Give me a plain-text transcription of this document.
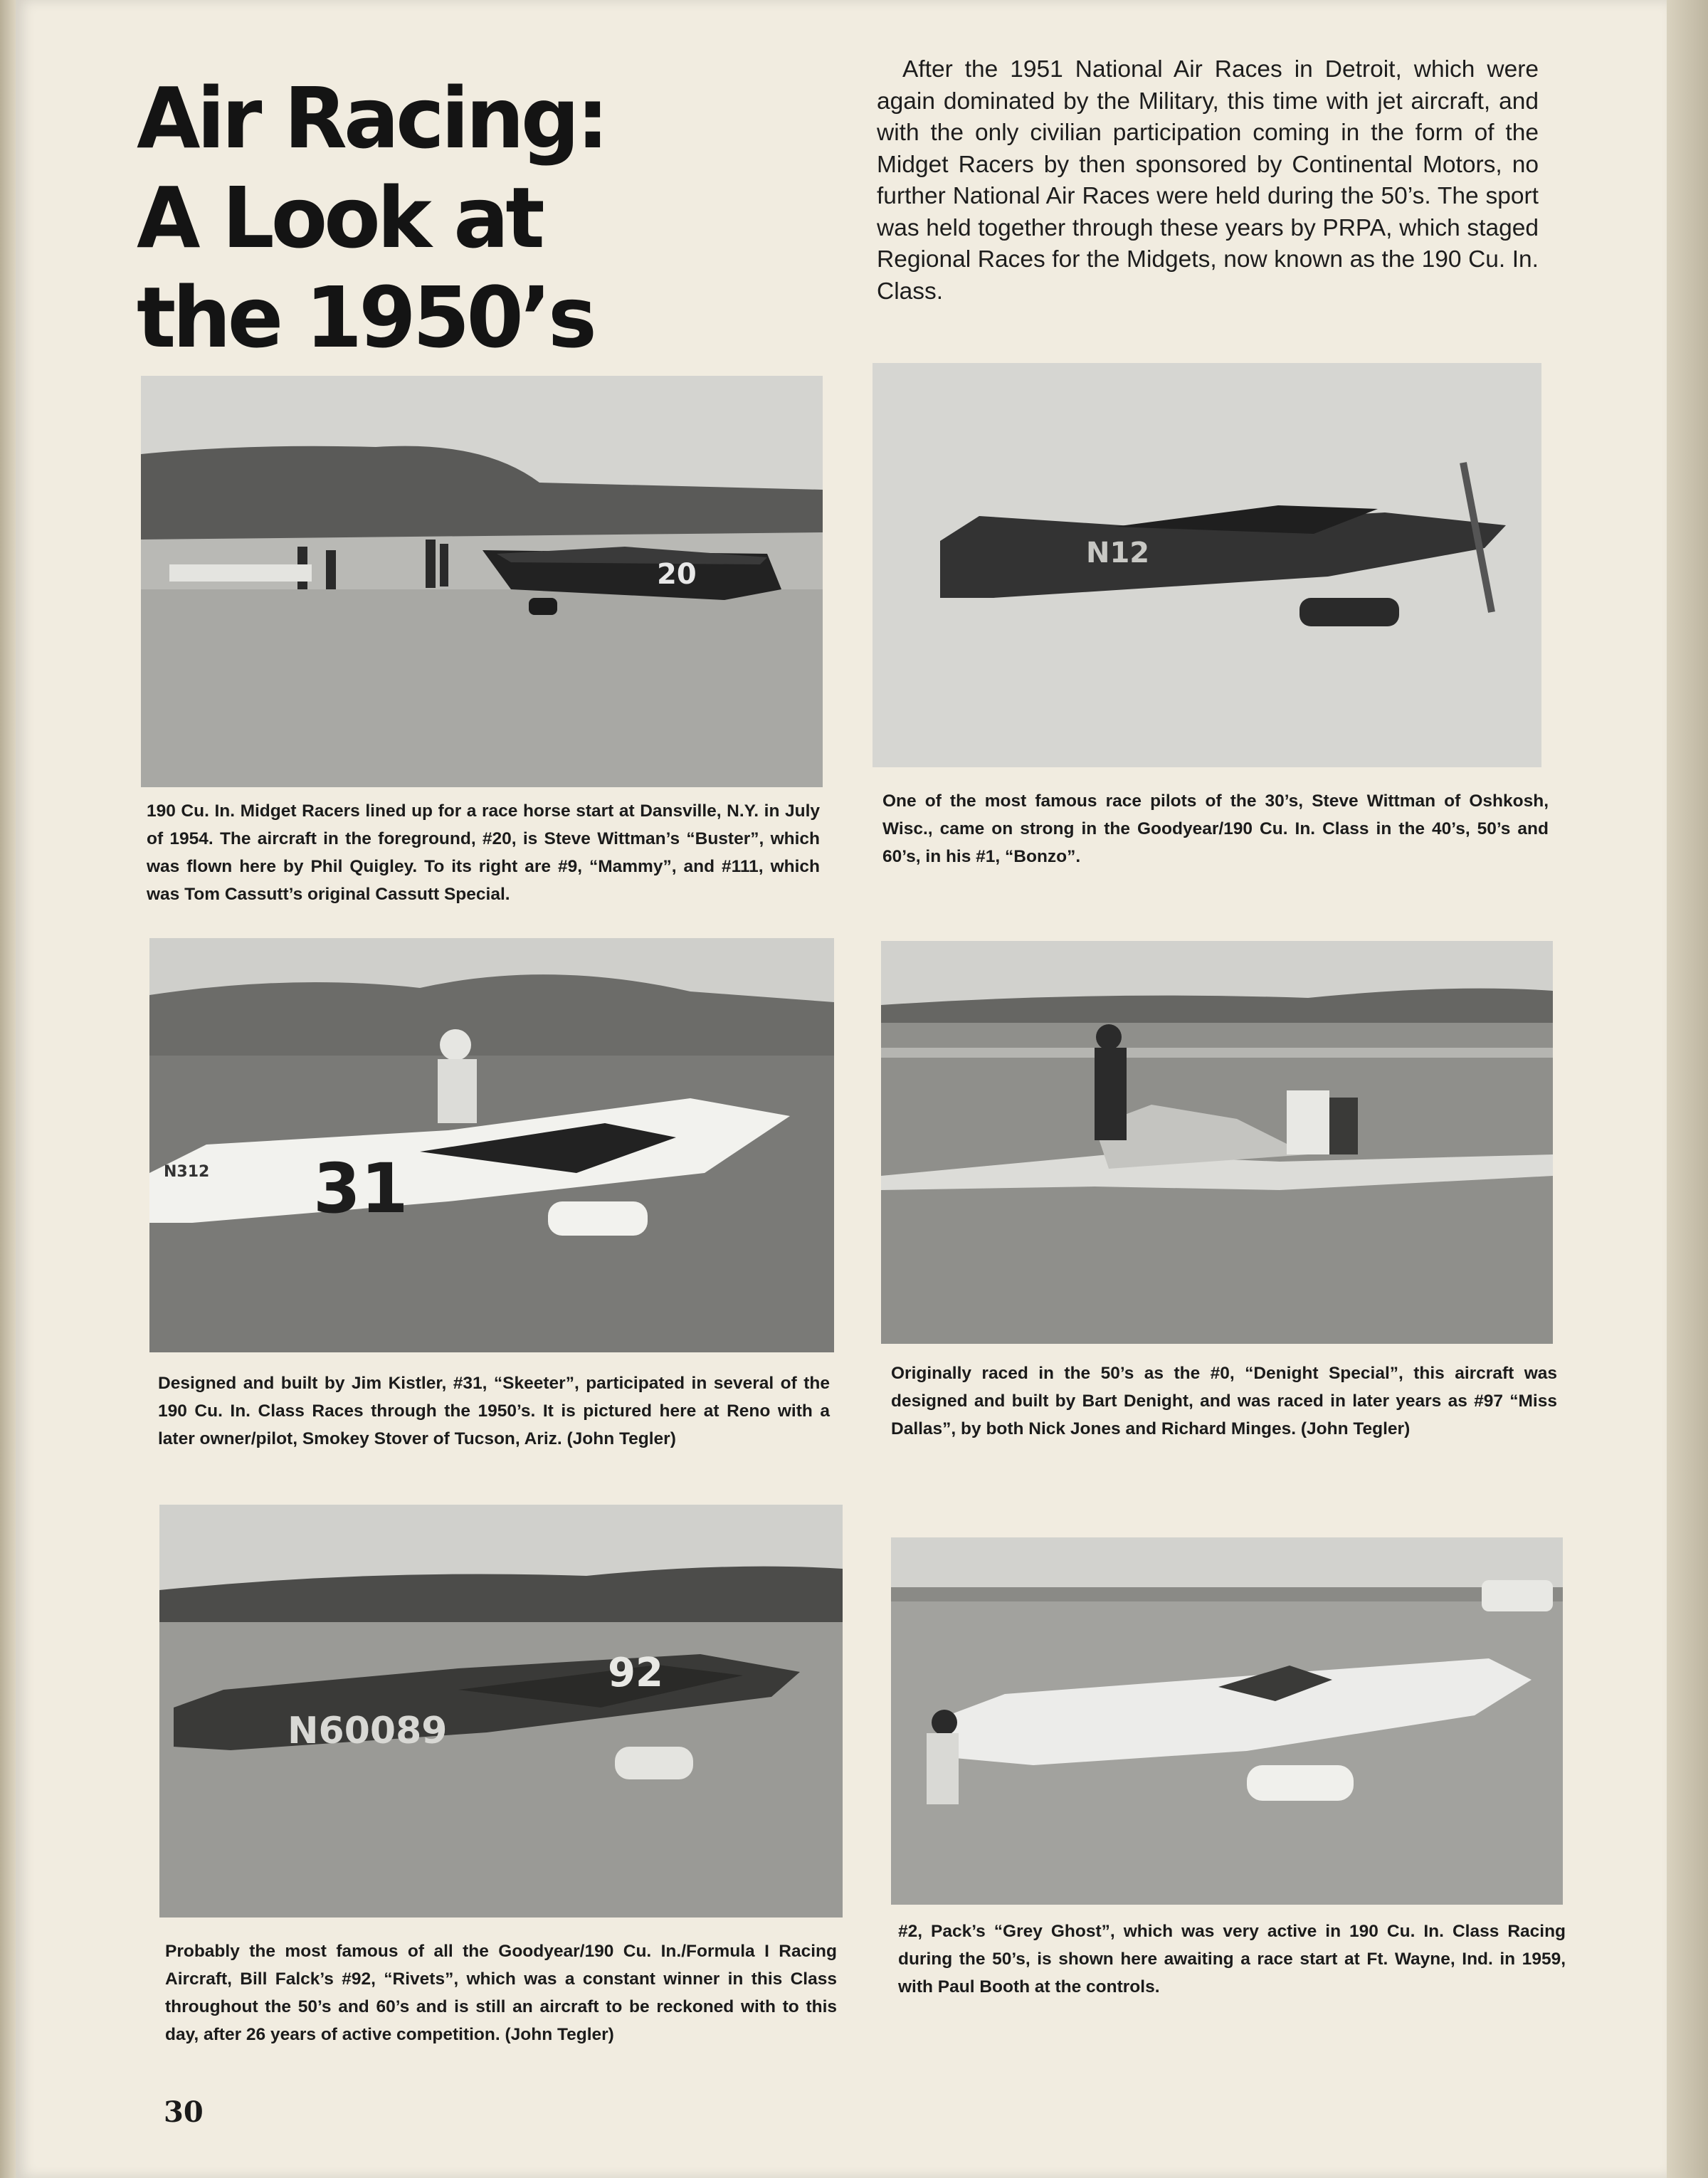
Air Racing:
A Look at
the 1950’s

After the 1951 National Air Races in Detroit, which were again dominated by the Military, this time with jet aircraft, and with the only civilian participation coming in the form of the Midget Racers by then sponsored by Continental Motors, no further National Air Races were held during the 50’s. The sport was held together through these years by PRPA, which staged Regional Races for the Midgets, now known as the 190 Cu. In. Class.

20
190 Cu. In. Midget Racers lined up for a race horse start at Dansville, N.Y. in July of 1954. The aircraft in the foreground, #20, is Steve Wittman’s “Buster”, which was flown here by Phil Quigley. To its right are #9, “Mammy”, and #111, which was Tom Cassutt’s original Cassutt Special.
N12
One of the most famous race pilots of the 30’s, Steve Wittman of Oshkosh, Wisc., came on strong in the Goodyear/190 Cu. In. Class in the 40’s, 50’s and 60’s, in his #1, “Bonzo”.
31
N312
Designed and built by Jim Kistler, #31, “Skeeter”, participated in several of the 190 Cu. In. Class Races through the 1950’s. It is pictured here at Reno with a later owner/pilot, Smokey Stover of Tucson, Ariz. (John Tegler)
Originally raced in the 50’s as the #0, “Denight Special”, this aircraft was designed and built by Bart Denight, and was raced in later years as #97 “Miss Dallas”, by both Nick Jones and Richard Minges. (John Tegler)
92
N60089
Probably the most famous of all the Goodyear/190 Cu. In./Formula I Racing Aircraft, Bill Falck’s #92, “Rivets”, which was a constant winner in this Class throughout the 50’s and 60’s and is still an aircraft to be reckoned with to this day, after 26 years of active competition. (John Tegler)
#2, Pack’s “Grey Ghost”, which was very active in 190 Cu. In. Class Racing during the 50’s, is shown here awaiting a race start at Ft. Wayne, Ind. in 1959, with Paul Booth at the controls.
30
